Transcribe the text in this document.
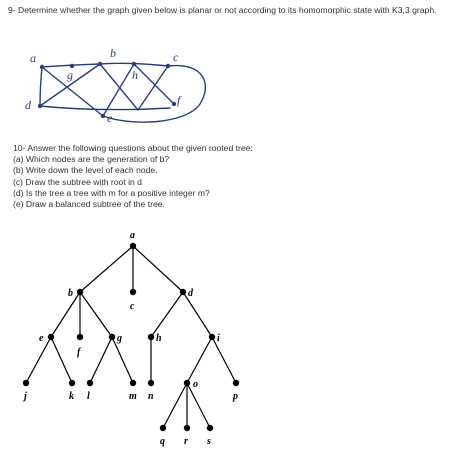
9- Determine whether the graph given below is planar or not according to its homomorphic state with K3,3 graph.
a	b	c
d
e
f
g	h
a
b
c
d
e
f
g	h	i
j	k l	m n
o
p
q r s
10- Answer the following questions about the given rooted tree:
(a) Which nodes are the generation of b?
(b) Write down the level of each node.
(c) Draw the subtree with root in d
(d) Is the tree a tree with m for a positive integer m?
(e) Draw a balanced subtree of the tree.
